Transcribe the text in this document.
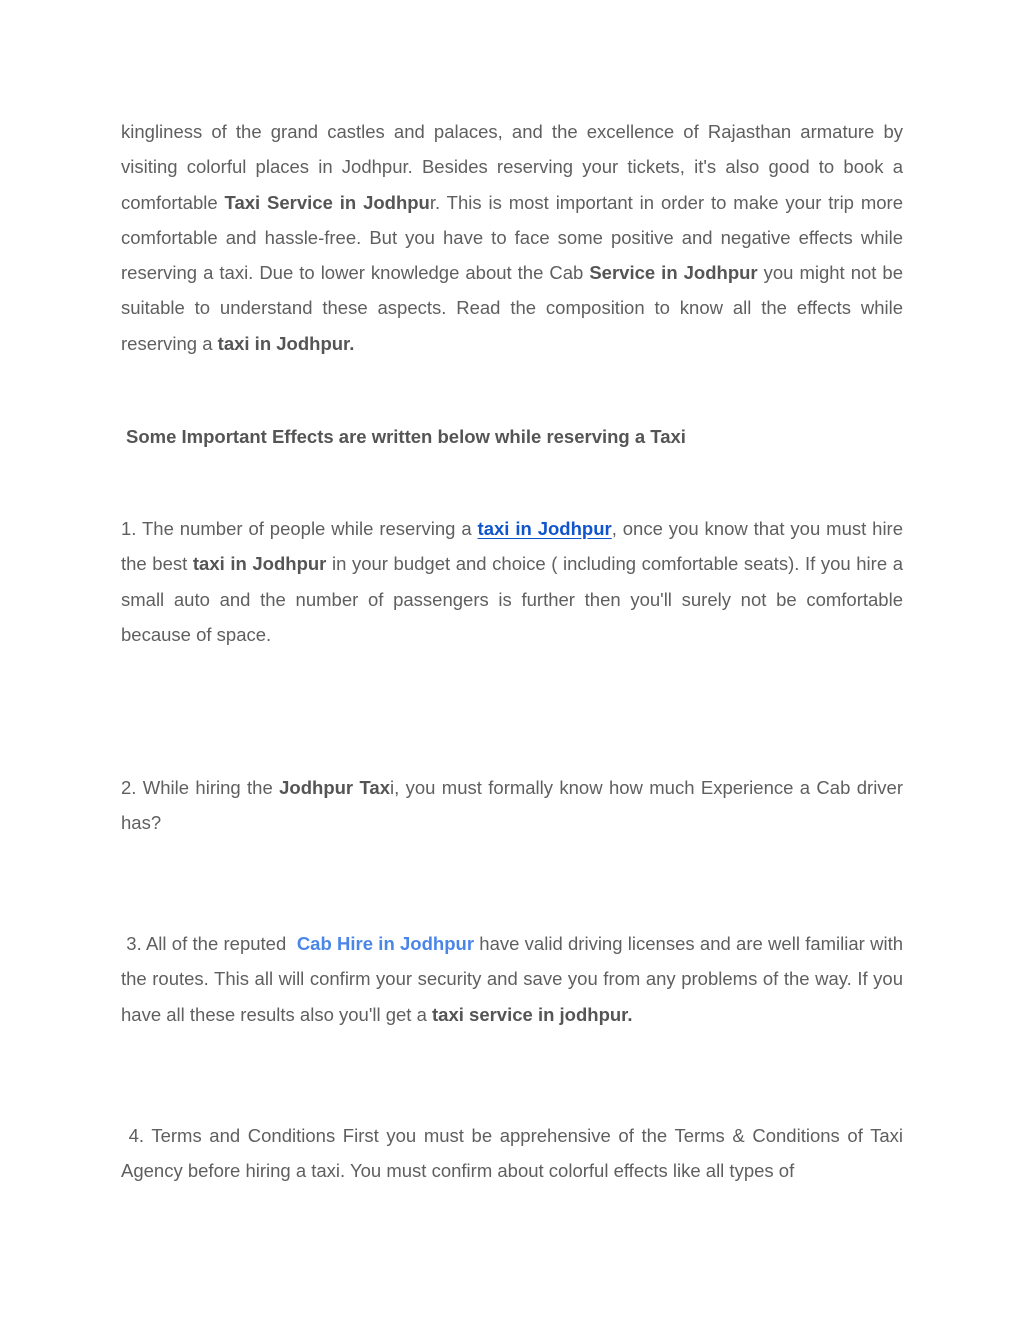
kingliness of the grand castles and palaces, and the excellence of Rajasthan armature by visiting colorful places in Jodhpur. Besides reserving your tickets, it's also good to book a comfortable Taxi Service in Jodhpur. This is most important in order to make your trip more comfortable and hassle-free. But you have to face some positive and negative effects while reserving a taxi. Due to lower knowledge about the Cab Service in Jodhpur you might not be suitable to understand these aspects. Read the composition to know all the effects while reserving a taxi in Jodhpur.

Some Important Effects are written below while reserving a Taxi

1. The number of people while reserving a taxi in Jodhpur, once you know that you must hire the best taxi in Jodhpur in your budget and choice ( including comfortable seats). If you hire a small auto and the number of passengers is further then you'll surely not be comfortable because of space.

2. While hiring the Jodhpur Taxi, you must formally know how much Experience a Cab driver has?

3. All of the reputed  Cab Hire in Jodhpur have valid driving licenses and are well familiar with the routes. This all will confirm your security and save you from any problems of the way. If you have all these results also you'll get a taxi service in jodhpur.

4. Terms and Conditions First you must be apprehensive of the Terms & Conditions of Taxi Agency before hiring a taxi. You must confirm about colorful effects like all types of
